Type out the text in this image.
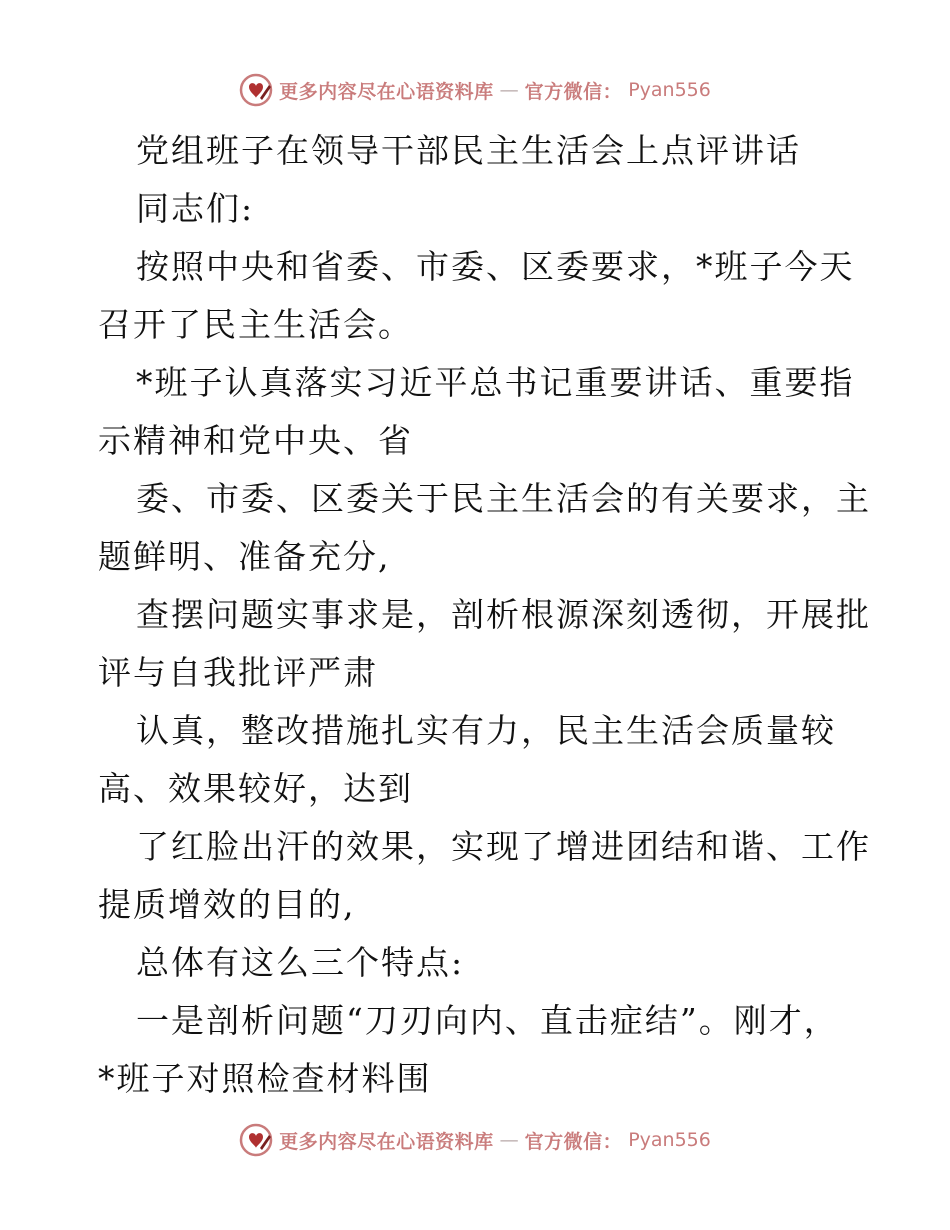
更多内容尽在心语资料库 — 官方微信： Pyan556
党组班子在领导干部民主生活会上点评讲话
同志们:
按照中央和省委、市委、区委要求，*班子今天
召开了民主生活会。
*班子认真落实习近平总书记重要讲话、重要指
示精神和党中央、省
委、市委、区委关于民主生活会的有关要求，主
题鲜明、准备充分,
查摆问题实事求是，剖析根源深刻透彻，开展批
评与自我批评严肃
认真，整改措施扎实有力，民主生活会质量较
高、效果较好，达到
了红脸出汗的效果，实现了增进团结和谐、工作
提质增效的目的,
总体有这么三个特点:
一是剖析问题“刀刃向内、直击症结”。刚才，
*班子对照检查材料围
更多内容尽在心语资料库 — 官方微信： Pyan556
